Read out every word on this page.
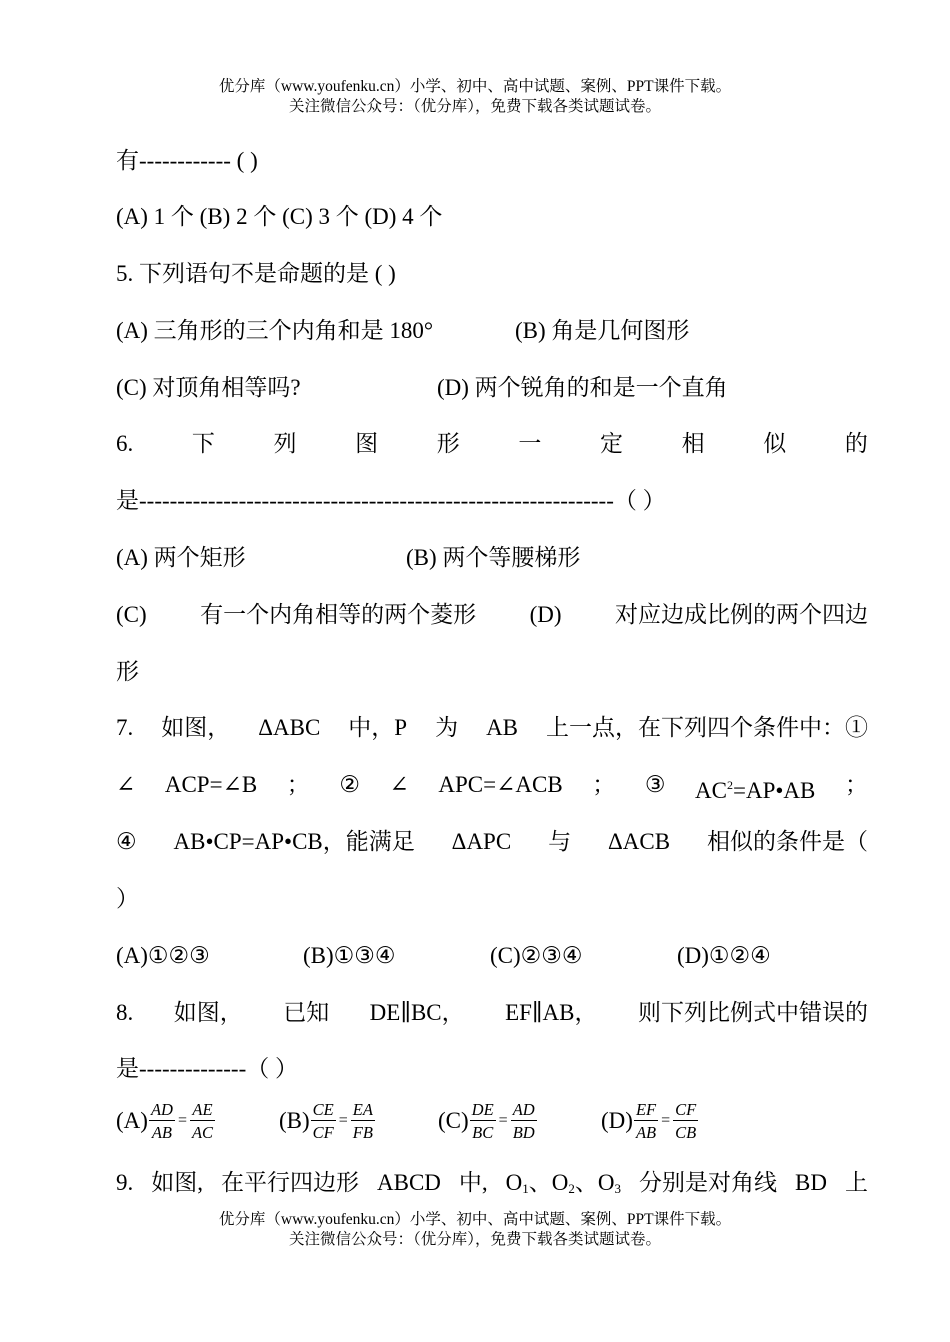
优分库（www.youfenku.cn）小学、初中、高中试题、案例、PPT课件下载。
关注微信公众号：（优分库），免费下载各类试题试卷。
有------------ ( )
(A) 1 个 (B) 2 个 (C) 3 个 (D) 4 个
5. 下列语句不是命题的是 ( )
(A) 三角形的三个内角和是 180°	(B) 角是几何图形
(C) 对顶角相等吗?	(D) 两个锐角的和是一个直角
6.	下	列	图	形	一	定	相	似	的
是--------------------------------------------------------------（ ）
(A) 两个矩形	(B) 两个等腰梯形
(C) 有一个内角相等的两个菱形 (D) 对应边成比例的两个四边
形
7. 如图， ΔABC 中，P 为 AB 上一点，在下列四个条件中：①
∠ ACP=∠B ； ② ∠ APC=∠ACB ； ③ $AC^2=AP•AB$ ；
④ AB•CP=AP•CB，能满足 ΔAPC 与 ΔACB 相似的条件是（
）
(A)①②③	(B)①③④	(C)②③④	(D)①②④
8. 如图， 已知 DE∥BC， EF∥AB， 则下列比例式中错误的
是--------------（ ）
$(A) \frac{AD}{AB} = \frac{AE}{AC}$	$(B) \frac{CE}{CF} = \frac{EA}{FB}$	$(C) \frac{DE}{BC} = \frac{AD}{BD}$	$(D) \frac{EF}{AB} = \frac{CF}{CB}$
9. 如图, 在平行四边形 ABCD 中, $O_1$、$O_2$、$O_3$ 分别是对角线 BD 上
优分库（www.youfenku.cn）小学、初中、高中试题、案例、PPT课件下载。
关注微信公众号：（优分库），免费下载各类试题试卷。
